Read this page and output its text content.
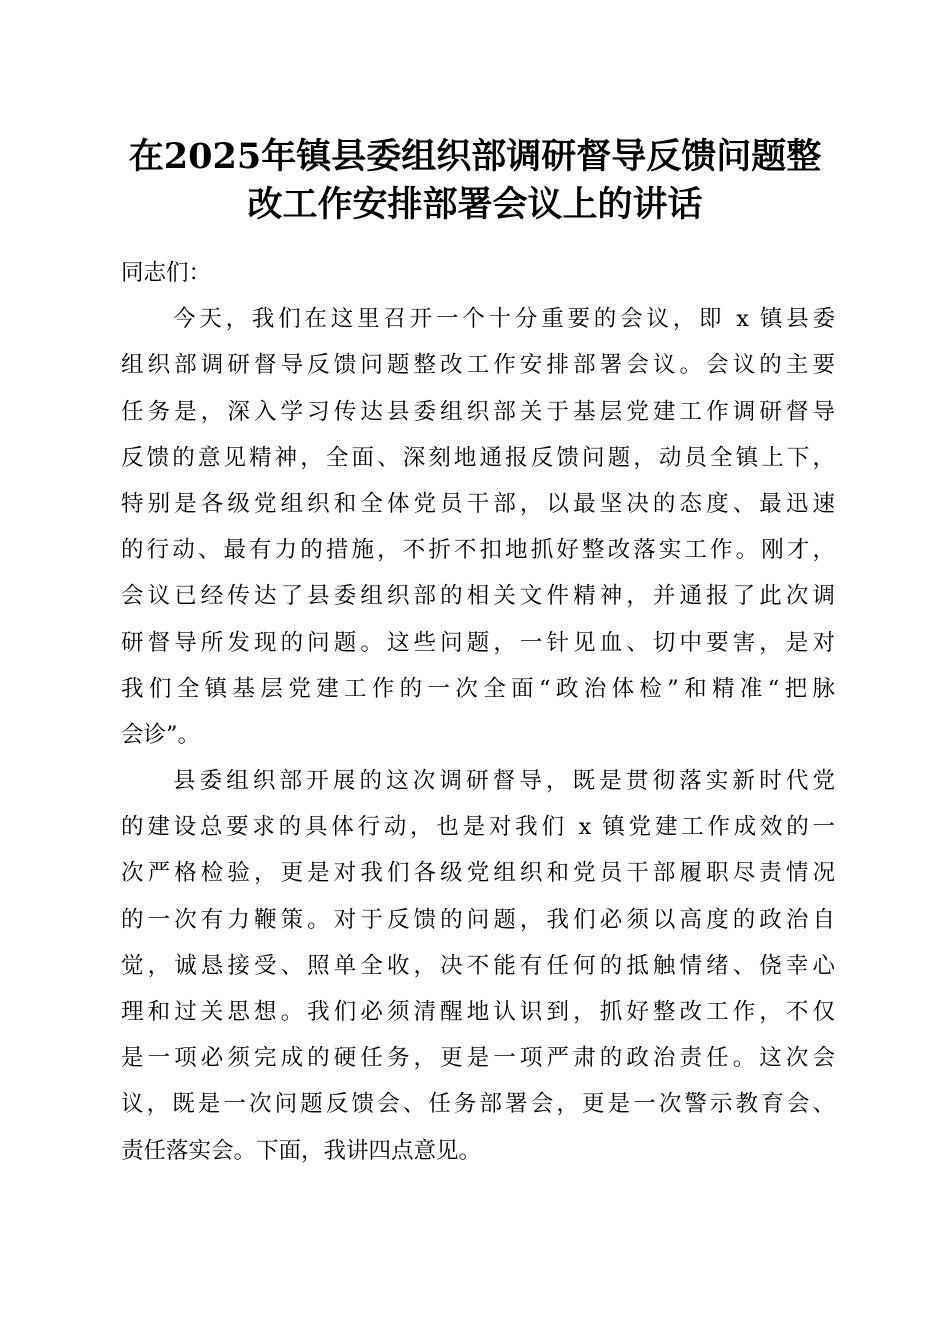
在2025年镇县委组织部调研督导反馈问题整
改工作安排部署会议上的讲话
同志们：
今天，我们在这里召开一个十分重要的会议，即 x 镇县委
组织部调研督导反馈问题整改工作安排部署会议。会议的主要
任务是，深入学习传达县委组织部关于基层党建工作调研督导
反馈的意见精神，全面、深刻地通报反馈问题，动员全镇上下，
特别是各级党组织和全体党员干部，以最坚决的态度、最迅速
的行动、最有力的措施，不折不扣地抓好整改落实工作。刚才，
会议已经传达了县委组织部的相关文件精神，并通报了此次调
研督导所发现的问题。这些问题，一针见血、切中要害，是对
我们全镇基层党建工作的一次全面“政治体检”和精准“把脉
会诊”。
县委组织部开展的这次调研督导，既是贯彻落实新时代党
的建设总要求的具体行动，也是对我们 x 镇党建工作成效的一
次严格检验，更是对我们各级党组织和党员干部履职尽责情况
的一次有力鞭策。对于反馈的问题，我们必须以高度的政治自
觉，诚恳接受、照单全收，决不能有任何的抵触情绪、侥幸心
理和过关思想。我们必须清醒地认识到，抓好整改工作，不仅
是一项必须完成的硬任务，更是一项严肃的政治责任。这次会
议，既是一次问题反馈会、任务部署会，更是一次警示教育会、
责任落实会。下面，我讲四点意见。
